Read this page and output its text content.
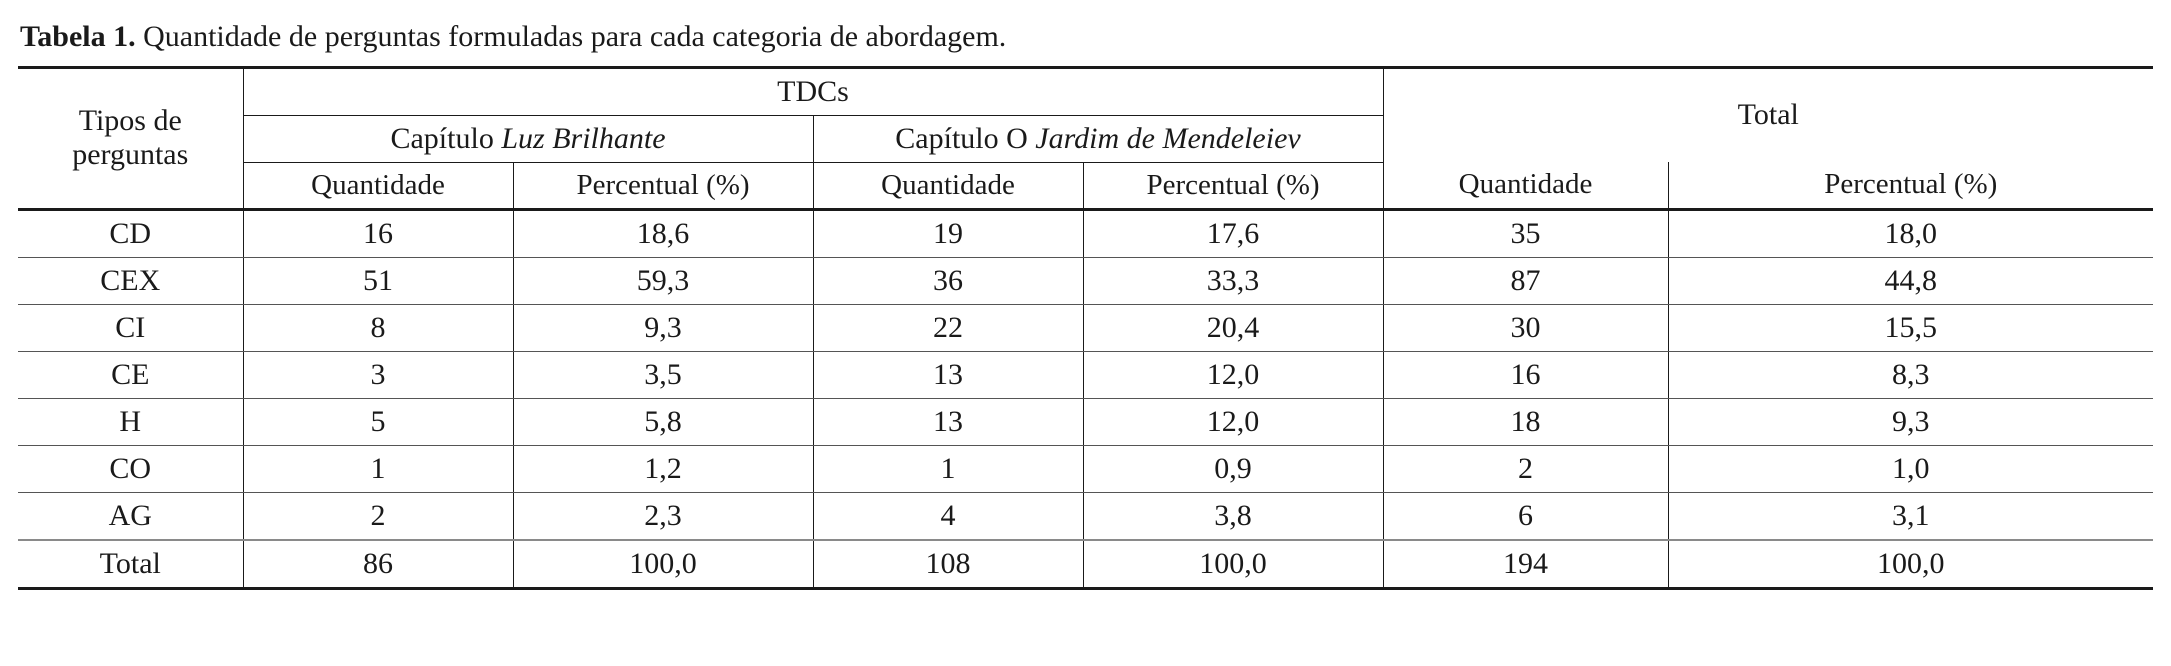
Tabela 1. Quantidade de perguntas formuladas para cada categoria de abordagem.
Tipos de
perguntas	TDCs				Total	
	Capítulo Luz Brilhante		Capítulo O Jardim de Mendeleiev			
	Quantidade	Percentual (%)	Quantidade	Percentual (%)	Quantidade	Percentual (%)
CD	16	18,6	19	17,6	35	18,0
CEX	51	59,3	36	33,3	87	44,8
CI	8	9,3	22	20,4	30	15,5
CE	3	3,5	13	12,0	16	8,3
H	5	5,8	13	12,0	18	9,3
CO	1	1,2	1	0,9	2	1,0
AG	2	2,3	4	3,8	6	3,1
Total	86	100,0	108	100,0	194	100,0
